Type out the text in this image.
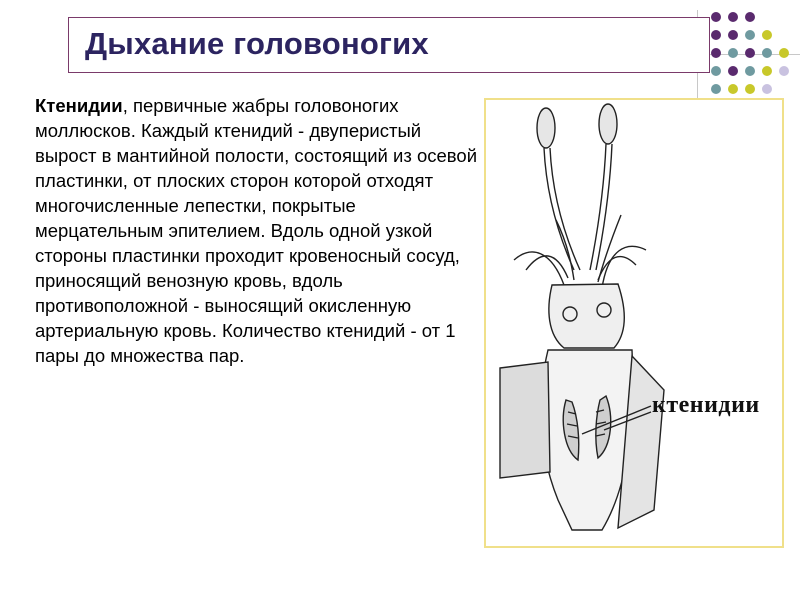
Дыхание головоногих
Ктенидии, первичные жабры головоногих моллюсков. Каждый ктенидий - двуперистый вырост в мантийной полости, состоящий из осевой пластинки, от плоских сторон которой отходят многочисленные лепестки, покрытые мерцательным эпителием. Вдоль одной узкой стороны пластинки проходит кровеносный сосуд, приносящий венозную кровь, вдоль противоположной - выносящий окисленную артериальную кровь. Количество ктенидий - от 1 пары до множества пар.
ктенидии
